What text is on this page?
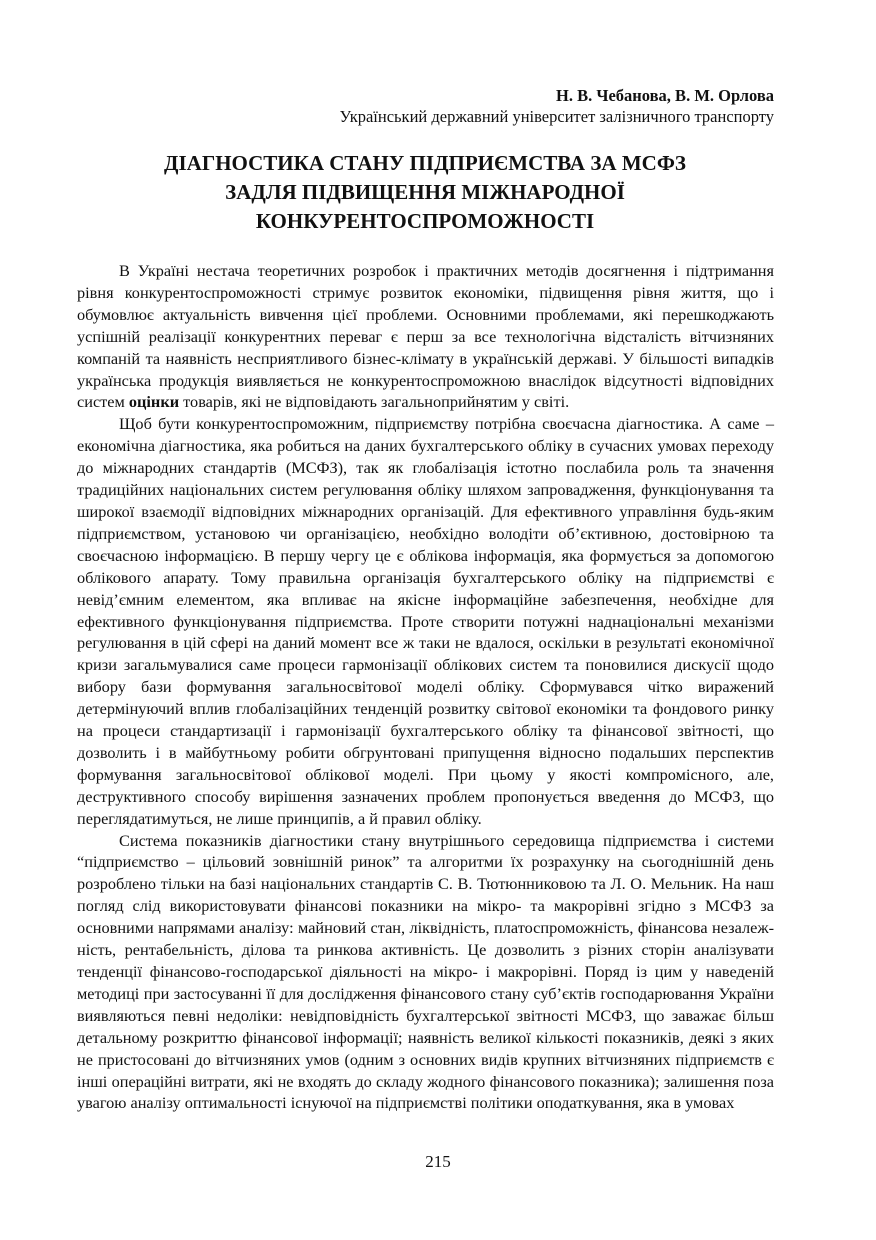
Н. В. Чебанова, В. М. Орлова
Український державний університет залізничного транспорту
ДІАГНОСТИКА СТАНУ ПІДПРИЄМСТВА ЗА МСФЗ
ЗАДЛЯ ПІДВИЩЕННЯ МІЖНАРОДНОЇ
КОНКУРЕНТОСПРОМОЖНОСТІ

В Україні нестача теоретичних розробок і практичних методів досягнення і підтримання рівня конкурентоспроможності стримує розвиток економіки, підвищення рівня життя, що і обумовлює актуальність вивчення цієї проблеми. Основними проблемами, які перешкоджають успішній реалізації конкурентних переваг є перш за все технологічна відсталість вітчизняних компаній та наявність несприятливого бізнес-клімату в українській державі. У більшості випадків українська продукція виявляється не конкурентоспроможною внаслідок відсутності відповідних систем оцінки товарів, які не відповідають загальноприйнятим у світі.

Щоб бути конкурентоспроможним, підприємству потрібна своєчасна діагностика. А саме – економічна діагностика, яка робиться на даних бухгалтерського обліку в сучасних умовах переходу до міжнародних стандартів (МСФЗ), так як глобалізація істотно послабила роль та значення традиційних національних систем регулювання обліку шляхом запровадження, функціонування та широкої взаємодії відповідних міжнародних організацій. Для ефективного управління будь-яким підприємством, установою чи організацією, необхідно володіти об’єктивною, достовірною та своєчасною інформацією. В першу чергу це є облікова інформація, яка формується за допомогою облікового апарату. Тому правильна організація бухгалтерського обліку на підприємстві є невід’ємним елементом, яка впливає на якісне інформаційне забезпечення, необхідне для ефективного функціонування підприємства. Проте створити потужні наднаціональні механізми регулювання в цій сфері на даний момент все ж таки не вдалося, оскільки в результаті економічної кризи загальмувалися саме процеси гармонізації облікових систем та поновилися дискусії щодо вибору бази формування загальносвітової моделі обліку. Сформувався чітко виражений детермінуючий вплив глобалізаційних тенденцій розвитку світової економіки та фондового ринку на процеси стандартизації і гармонізації бухгалтерського обліку та фінансової звітності, що дозволить і в майбутньому робити обгрунтовані припущення відносно подальших перспектив формування загальносвітової облікової моделі. При цьому у якості компромісного, але, деструктивного способу вирішення зазначених проблем пропонується введення до МСФЗ, що переглядатимуться, не лише принципів, а й правил обліку.

Система показників діагностики стану внутрішнього середовища підприємства і системи “підприємство – цільовий зовнішній ринок” та алгоритми їх розрахунку на сьогоднішній день розроблено тільки на базі національних стандартів С. В. Тютюнниковою та Л. О. Мельник. На наш погляд слід використовувати фінансові показники на мікро- та макрорівні згідно з МСФЗ за основними напрямами аналізу: майновий стан, ліквідність, платоспроможність, фінансова незалеж-ність, рентабельність, ділова та ринкова активність. Це дозволить з різних сторін аналізувати тенденції фінансово-господарської діяльності на мікро- і макрорівні. Поряд із цим у наведеній методиці при застосуванні її для дослідження фінансового стану суб’єктів господарювання України виявляються певні недоліки: невідповідність бухгалтерської звітності МСФЗ, що заважає більш детальному розкриттю фінансової інформації; наявність великої кількості показників, деякі з яких не пристосовані до вітчизняних умов (одним з основних видів крупних вітчизняних підприємств є інші операційні витрати, які не входять до складу жодного фінансового показника); залишення поза увагою аналізу оптимальності існуючої на підприємстві політики оподаткування, яка в умовах

215
